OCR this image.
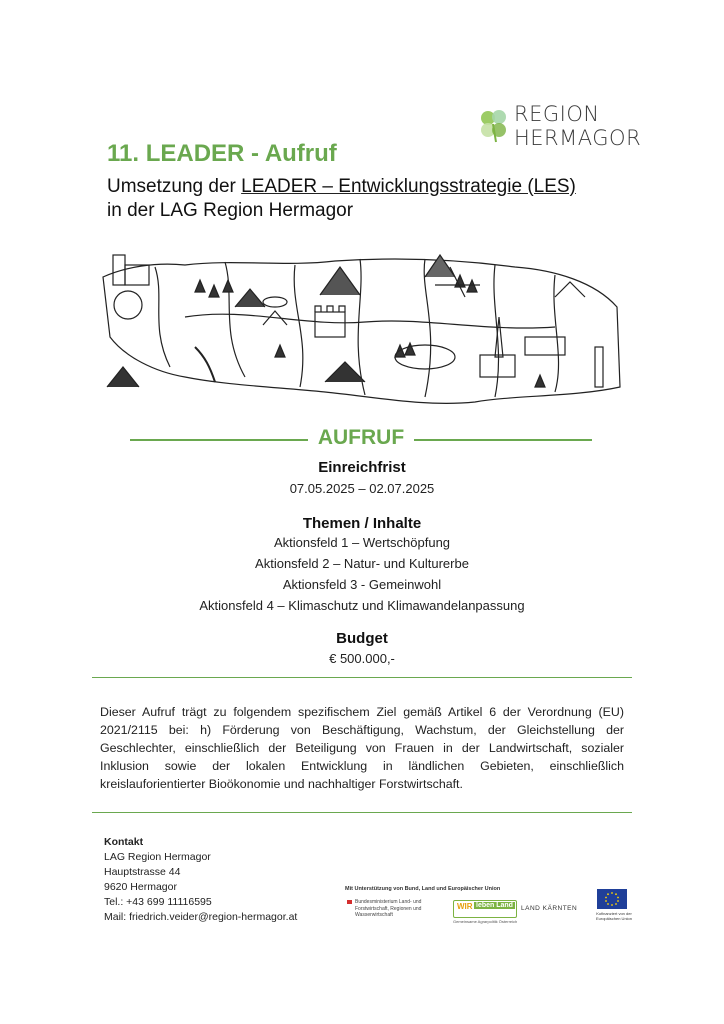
REGION
HERMAGOR
11. LEADER - Aufruf
Umsetzung der LEADER – Entwicklungsstrategie (LES)
in der LAG Region Hermagor
AUFRUF
Einreichfrist
07.05.2025 – 02.07.2025
Themen / Inhalte
Aktionsfeld 1 – Wertschöpfung
Aktionsfeld 2 – Natur- und Kulturerbe
Aktionsfeld 3 - Gemeinwohl
Aktionsfeld 4 – Klimaschutz und Klimawandelanpassung
Budget
€ 500.000,-
Dieser Aufruf trägt zu folgendem spezifischem Ziel gemäß Artikel 6 der Verordnung (EU) 2021/2115 bei: h) Förderung von Beschäftigung, Wachstum, der Gleichstellung der Geschlechter, einschließlich der Beteiligung von Frauen in der Landwirtschaft, sozialer Inklusion sowie der lokalen Entwicklung in ländlichen Gebieten, einschließlich kreislauforientierter Bioökonomie und nachhaltiger Forstwirtschaft.
Kontakt
LAG Region Hermagor
Hauptstrasse 44
9620 Hermagor
Tel.: +43 699 11116595
Mail: friedrich.veider@region-hermagor.at
Mit Unterstützung von Bund, Land und Europäischer Union
Bundesministerium Land- und Forstwirtschaft, Regionen und Wasserwirtschaft
WIR leben Land
Gemeinsame Agrarpolitik Österreich
LAND KÄRNTEN
Kofinanziert von der Europäischen Union
